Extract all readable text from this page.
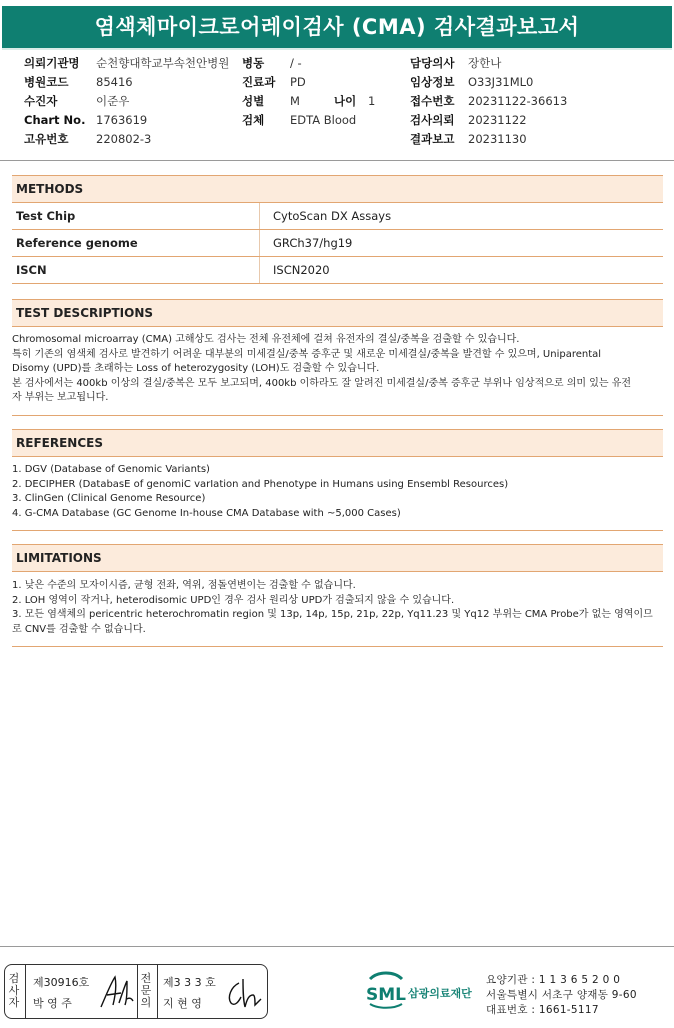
염색체마이크로어레이검사 (CMA) 검사결과보고서
의뢰기관명 순천향대학교부속천안병원
병원코드 85416
수진자	이준우
Chart No. 1763619
고유번호 220802-3
병동 / -
진료과 PD
성별 M	나이 1
검체 EDTA Blood
담당의사 장한나
임상정보 O33J31ML0
접수번호 20231122-36613
검사의뢰 20231122
결과보고 20231130
METHODS
Test Chip	CytoScan DX Assays
Reference genome	GRCh37/hg19
ISCN	ISCN2020
TEST DESCRIPTIONS
Chromosomal microarray (CMA) 고해상도 검사는 전체 유전체에 걸쳐 유전자의 결실/중복을 검출할 수 있습니다.
특히 기존의 염색체 검사로 발견하기 어려운 대부분의 미세결실/중복 증후군 및 새로운 미세결실/중복을 발견할 수 있으며, Uniparental
Disomy (UPD)를 초래하는 Loss of heterozygosity (LOH)도 검출할 수 있습니다.
본 검사에서는 400kb 이상의 결실/중복은 모두 보고되며, 400kb 이하라도 잘 알려진 미세결실/중복 증후군 부위나 임상적으로 의미 있는 유전
자 부위는 보고됩니다.
REFERENCES
1. DGV (Database of Genomic Variants)
2. DECIPHER (DatabasE of genomiC varIation and Phenotype in Humans using Ensembl Resources)
3. ClinGen (Clinical Genome Resource)
4. G-CMA Database (GC Genome In-house CMA Database with ~5,000 Cases)
LIMITATIONS
1. 낮은 수준의 모자이시즘, 균형 전좌, 역위, 점돌연변이는 검출할 수 없습니다.
2. LOH 영역이 작거나, heterodisomic UPD인 경우 검사 원리상 UPD가 검출되지 않을 수 있습니다.
3. 모든 염색체의 pericentric heterochromatin region 및 13p, 14p, 15p, 21p, 22p, Yq11.23 및 Yq12 부위는 CMA Probe가 없는 영역이므
로 CNV를 검출할 수 없습니다.
검사자
제30916호
박 영 주
전문의
제3 3 3 호
지 현 영	SML 삼광의료재단
요양기관 : 1 1 3 6 5 2 0 0
서울특별시 서초구 양재동 9-60
대표번호 : 1661-5117
